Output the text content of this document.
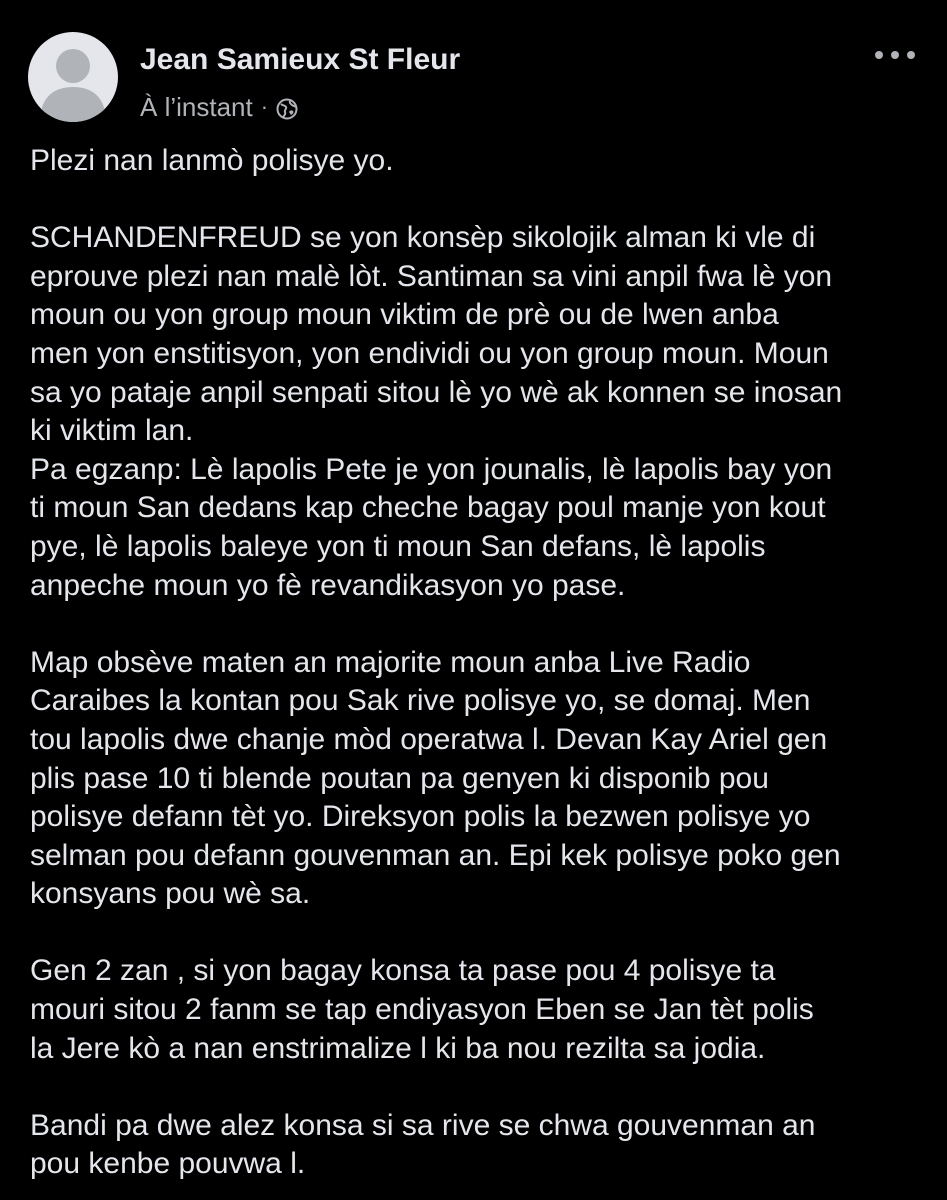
Jean Samieux St Fleur
À l’instant ·

Plezi nan lanmò polisye yo.

SCHANDENFREUD se yon konsèp sikolojik alman ki vle di

eprouve plezi nan malè lòt. Santiman sa vini anpil fwa lè yon

moun ou yon group moun viktim de prè ou de lwen anba

men yon enstitisyon, yon endividi ou yon group moun. Moun

sa yo pataje anpil senpati sitou lè yo wè ak konnen se inosan

ki viktim lan.

Pa egzanp: Lè lapolis Pete je yon jounalis, lè lapolis bay yon

ti moun San dedans kap cheche bagay poul manje yon kout

pye, lè lapolis baleye yon ti moun San defans, lè lapolis

anpeche moun yo fè revandikasyon yo pase.

Map obsève maten an majorite moun anba Live Radio

Caraibes la kontan pou Sak rive polisye yo, se domaj. Men

tou lapolis dwe chanje mòd operatwa l. Devan Kay Ariel gen

plis pase 10 ti blende poutan pa genyen ki disponib pou

polisye defann tèt yo. Direksyon polis la bezwen polisye yo

selman pou defann gouvenman an. Epi kek polisye poko gen

konsyans pou wè sa.

Gen 2 zan , si yon bagay konsa ta pase pou 4 polisye ta

mouri sitou 2 fanm se tap endiyasyon Eben se Jan tèt polis

la Jere kò a nan enstrimalize l ki ba nou rezilta sa jodia.

Bandi pa dwe alez konsa si sa rive se chwa gouvenman an

pou kenbe pouvwa l.
